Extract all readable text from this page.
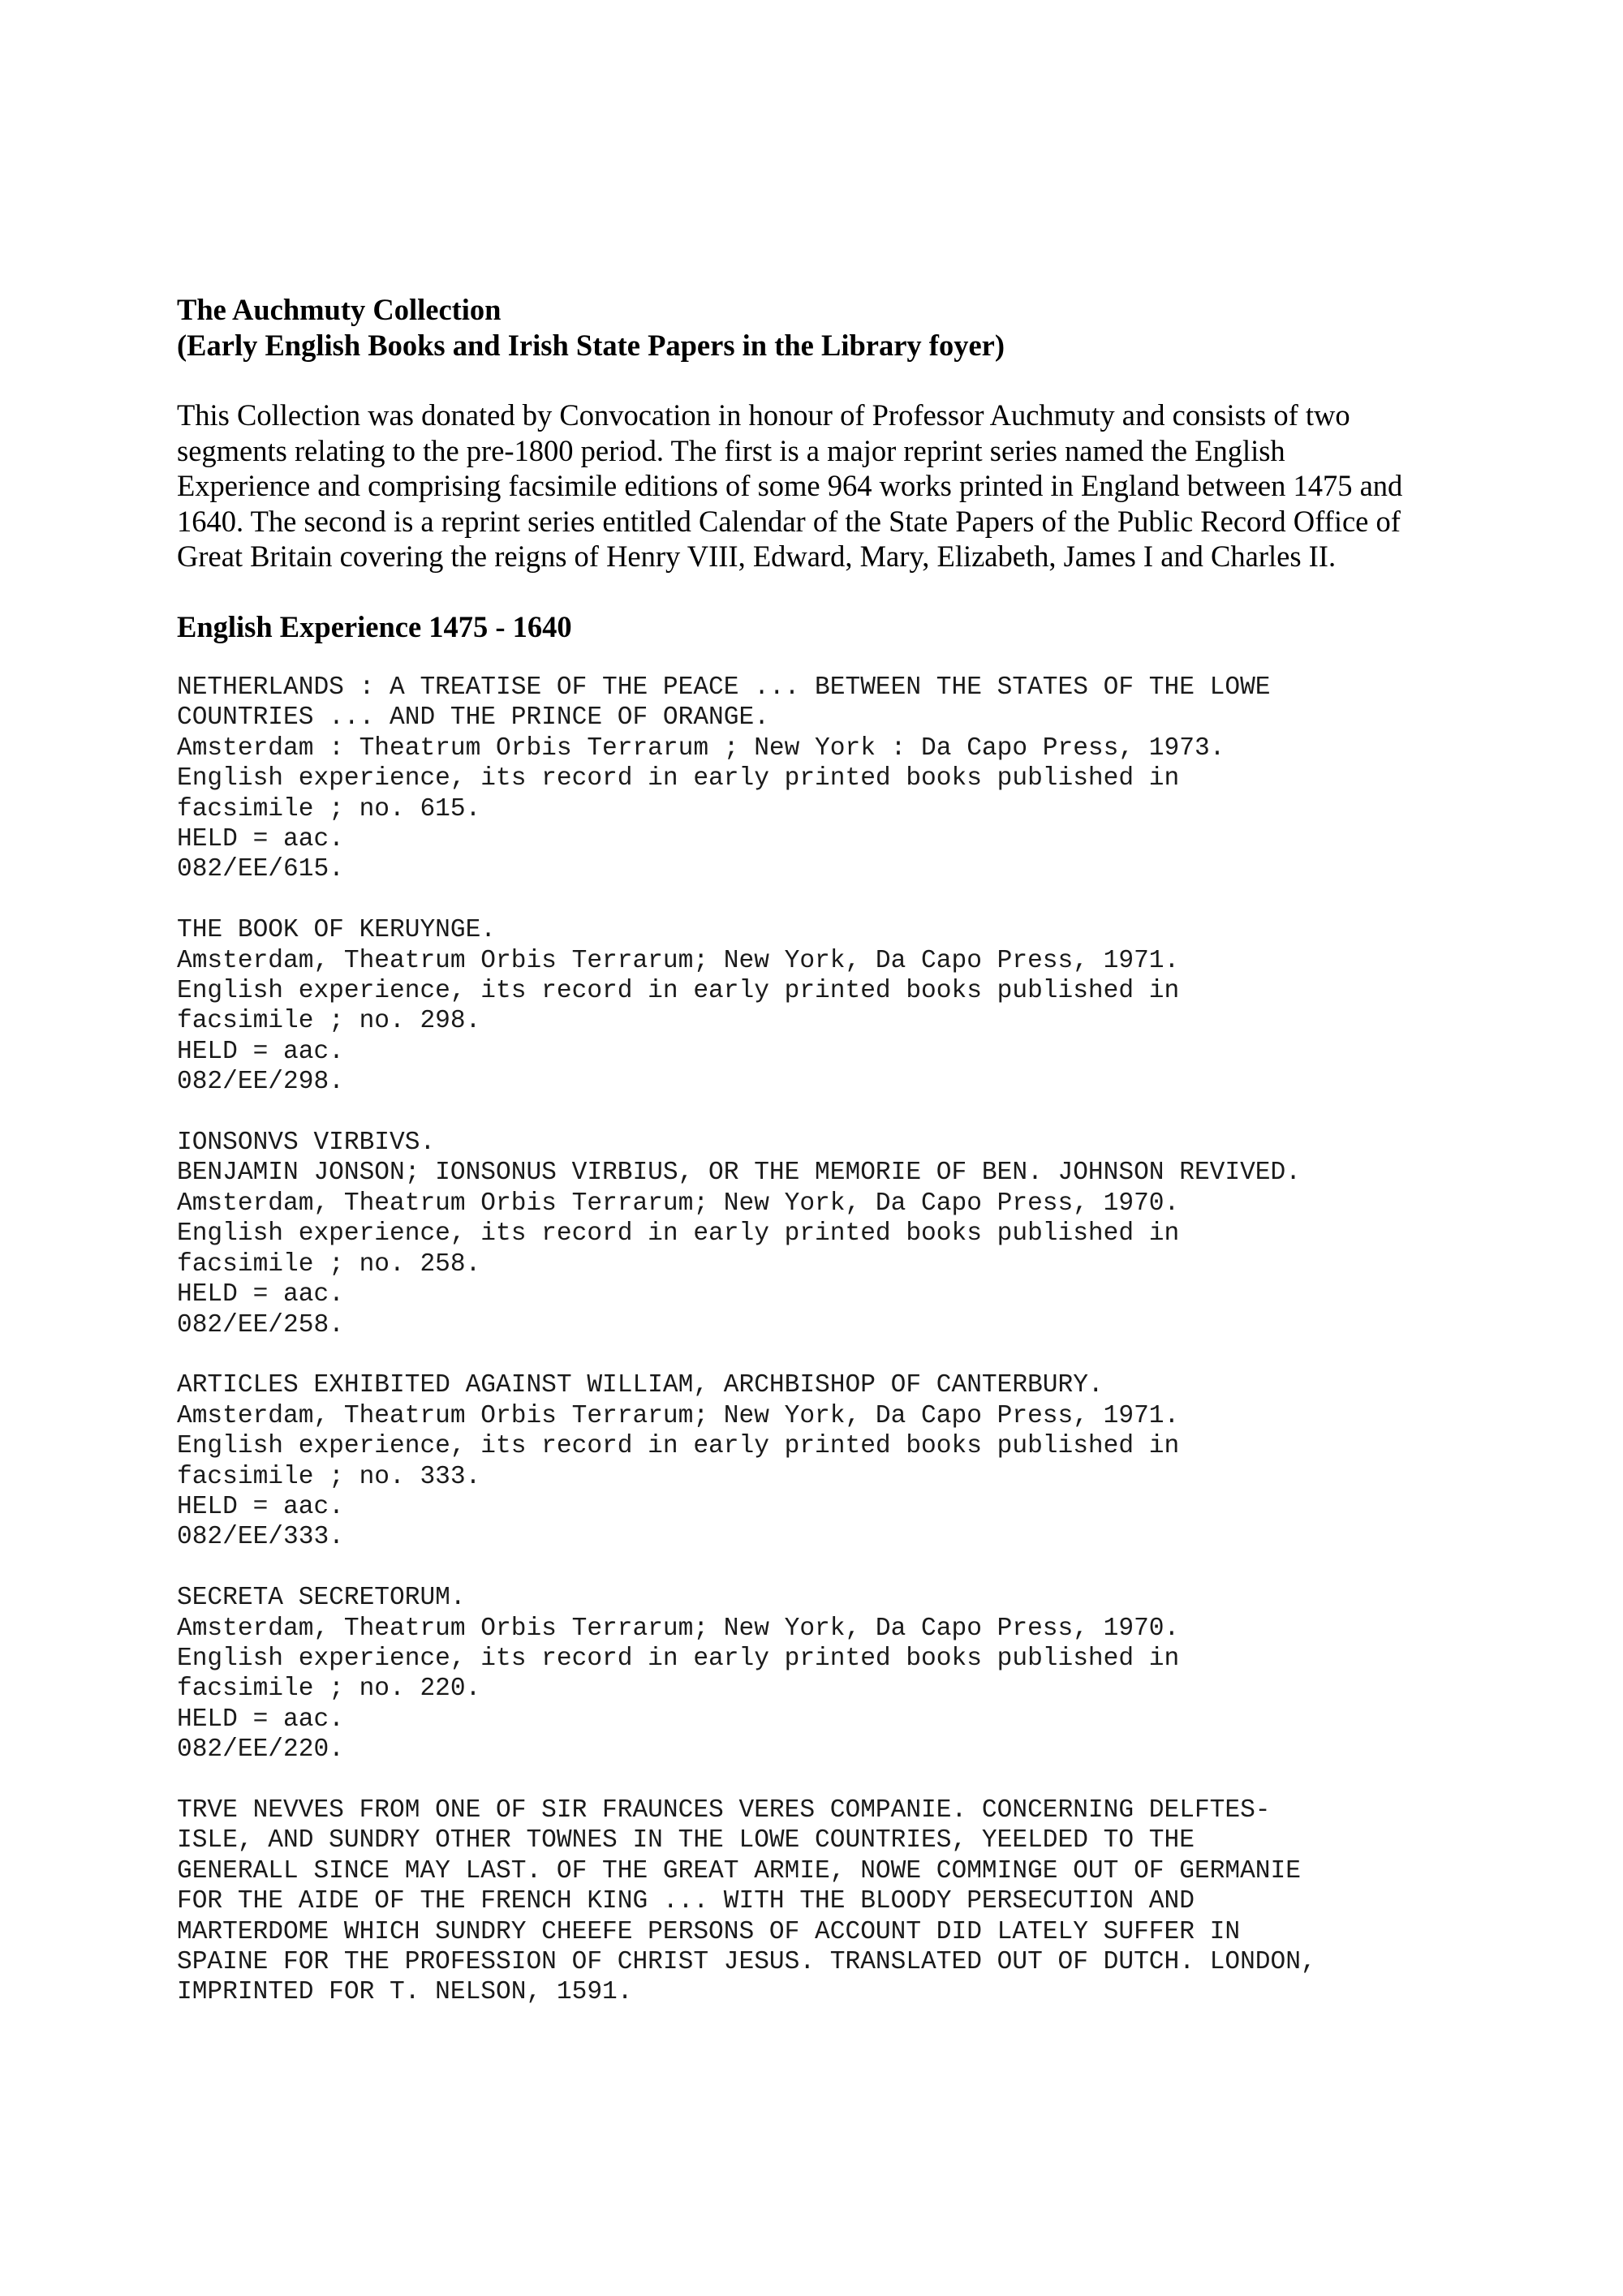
The Auchmuty Collection
(Early English Books and Irish State Papers in the Library foyer)
This Collection was donated by Convocation in honour of Professor Auchmuty and consists of two
segments relating to the pre-1800 period. The first is a major reprint series named the English
Experience and comprising facsimile editions of some 964 works printed in England between 1475 and
1640. The second is a reprint series entitled Calendar of the State Papers of the Public Record Office of
Great Britain covering the reigns of Henry VIII, Edward, Mary, Elizabeth, James I and Charles II.
English Experience 1475 - 1640
NETHERLANDS : A TREATISE OF THE PEACE ... BETWEEN THE STATES OF THE LOWE
COUNTRIES ... AND THE PRINCE OF ORANGE.
Amsterdam : Theatrum Orbis Terrarum ; New York : Da Capo Press, 1973.
English experience, its record in early printed books published in
facsimile ; no. 615.
HELD = aac.
082/EE/615.
THE BOOK OF KERUYNGE.
Amsterdam, Theatrum Orbis Terrarum; New York, Da Capo Press, 1971.
English experience, its record in early printed books published in
facsimile ; no. 298.
HELD = aac.
082/EE/298.
IONSONVS VIRBIVS.
BENJAMIN JONSON; IONSONUS VIRBIUS, OR THE MEMORIE OF BEN. JOHNSON REVIVED.
Amsterdam, Theatrum Orbis Terrarum; New York, Da Capo Press, 1970.
English experience, its record in early printed books published in
facsimile ; no. 258.
HELD = aac.
082/EE/258.
ARTICLES EXHIBITED AGAINST WILLIAM, ARCHBISHOP OF CANTERBURY.
Amsterdam, Theatrum Orbis Terrarum; New York, Da Capo Press, 1971.
English experience, its record in early printed books published in
facsimile ; no. 333.
HELD = aac.
082/EE/333.
SECRETA SECRETORUM.
Amsterdam, Theatrum Orbis Terrarum; New York, Da Capo Press, 1970.
English experience, its record in early printed books published in
facsimile ; no. 220.
HELD = aac.
082/EE/220.
TRVE NEVVES FROM ONE OF SIR FRAUNCES VERES COMPANIE. CONCERNING DELFTES-
ISLE, AND SUNDRY OTHER TOWNES IN THE LOWE COUNTRIES, YEELDED TO THE
GENERALL SINCE MAY LAST. OF THE GREAT ARMIE, NOWE COMMINGE OUT OF GERMANIE
FOR THE AIDE OF THE FRENCH KING ... WITH THE BLOODY PERSECUTION AND
MARTERDOME WHICH SUNDRY CHEEFE PERSONS OF ACCOUNT DID LATELY SUFFER IN
SPAINE FOR THE PROFESSION OF CHRIST JESUS. TRANSLATED OUT OF DUTCH. LONDON,
IMPRINTED FOR T. NELSON, 1591.
